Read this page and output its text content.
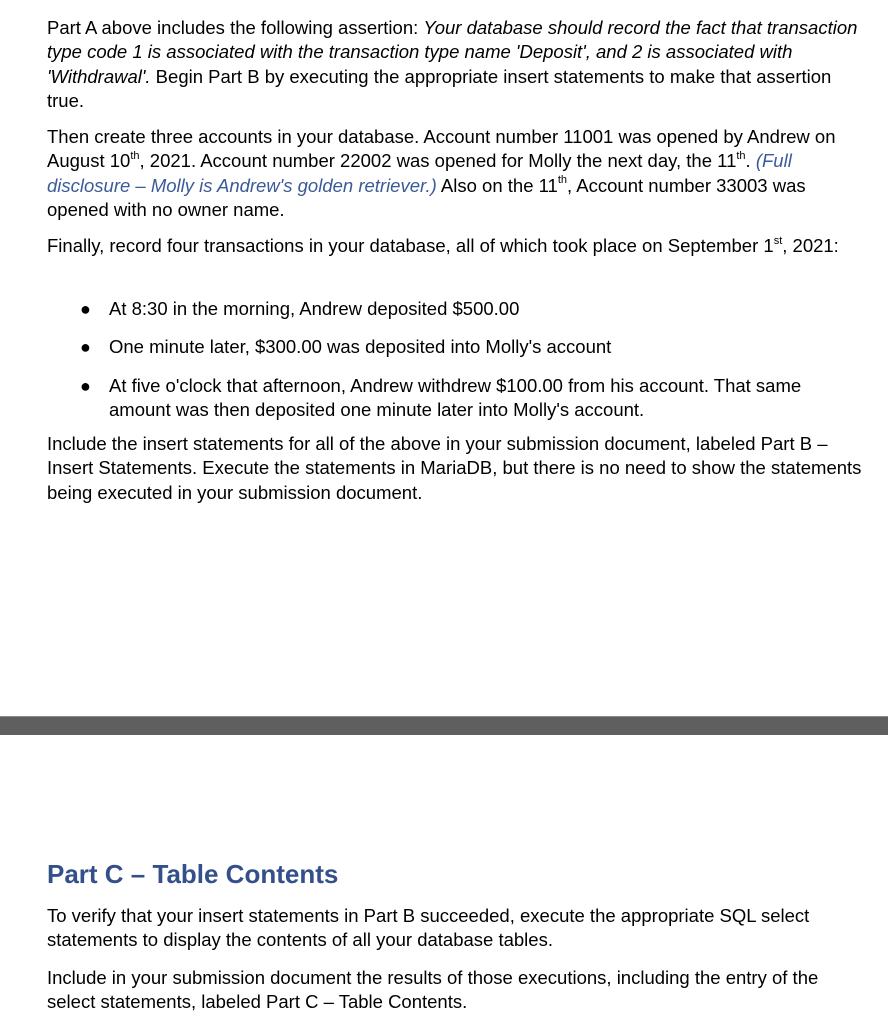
Part A above includes the following assertion: Your database should record the fact that transaction type code 1 is associated with the transaction type name 'Deposit', and 2 is associated with 'Withdrawal'. Begin Part B by executing the appropriate insert statements to make that assertion true.

Then create three accounts in your database. Account number 11001 was opened by Andrew on August 10th, 2021. Account number 22002 was opened for Molly the next day, the 11th. (Full disclosure – Molly is Andrew's golden retriever.) Also on the 11th, Account number 33003 was opened with no owner name.

Finally, record four transactions in your database, all of which took place on September 1st, 2021:

● At 8:30 in the morning, Andrew deposited $500.00
● One minute later, $300.00 was deposited into Molly's account
● At five o'clock that afternoon, Andrew withdrew $100.00 from his account. That same amount was then deposited one minute later into Molly's account.

Include the insert statements for all of the above in your submission document, labeled Part B – Insert Statements. Execute the statements in MariaDB, but there is no need to show the statements being executed in your submission document.

Part C – Table Contents

To verify that your insert statements in Part B succeeded, execute the appropriate SQL select statements to display the contents of all your database tables.

Include in your submission document the results of those executions, including the entry of the select statements, labeled Part C – Table Contents.
